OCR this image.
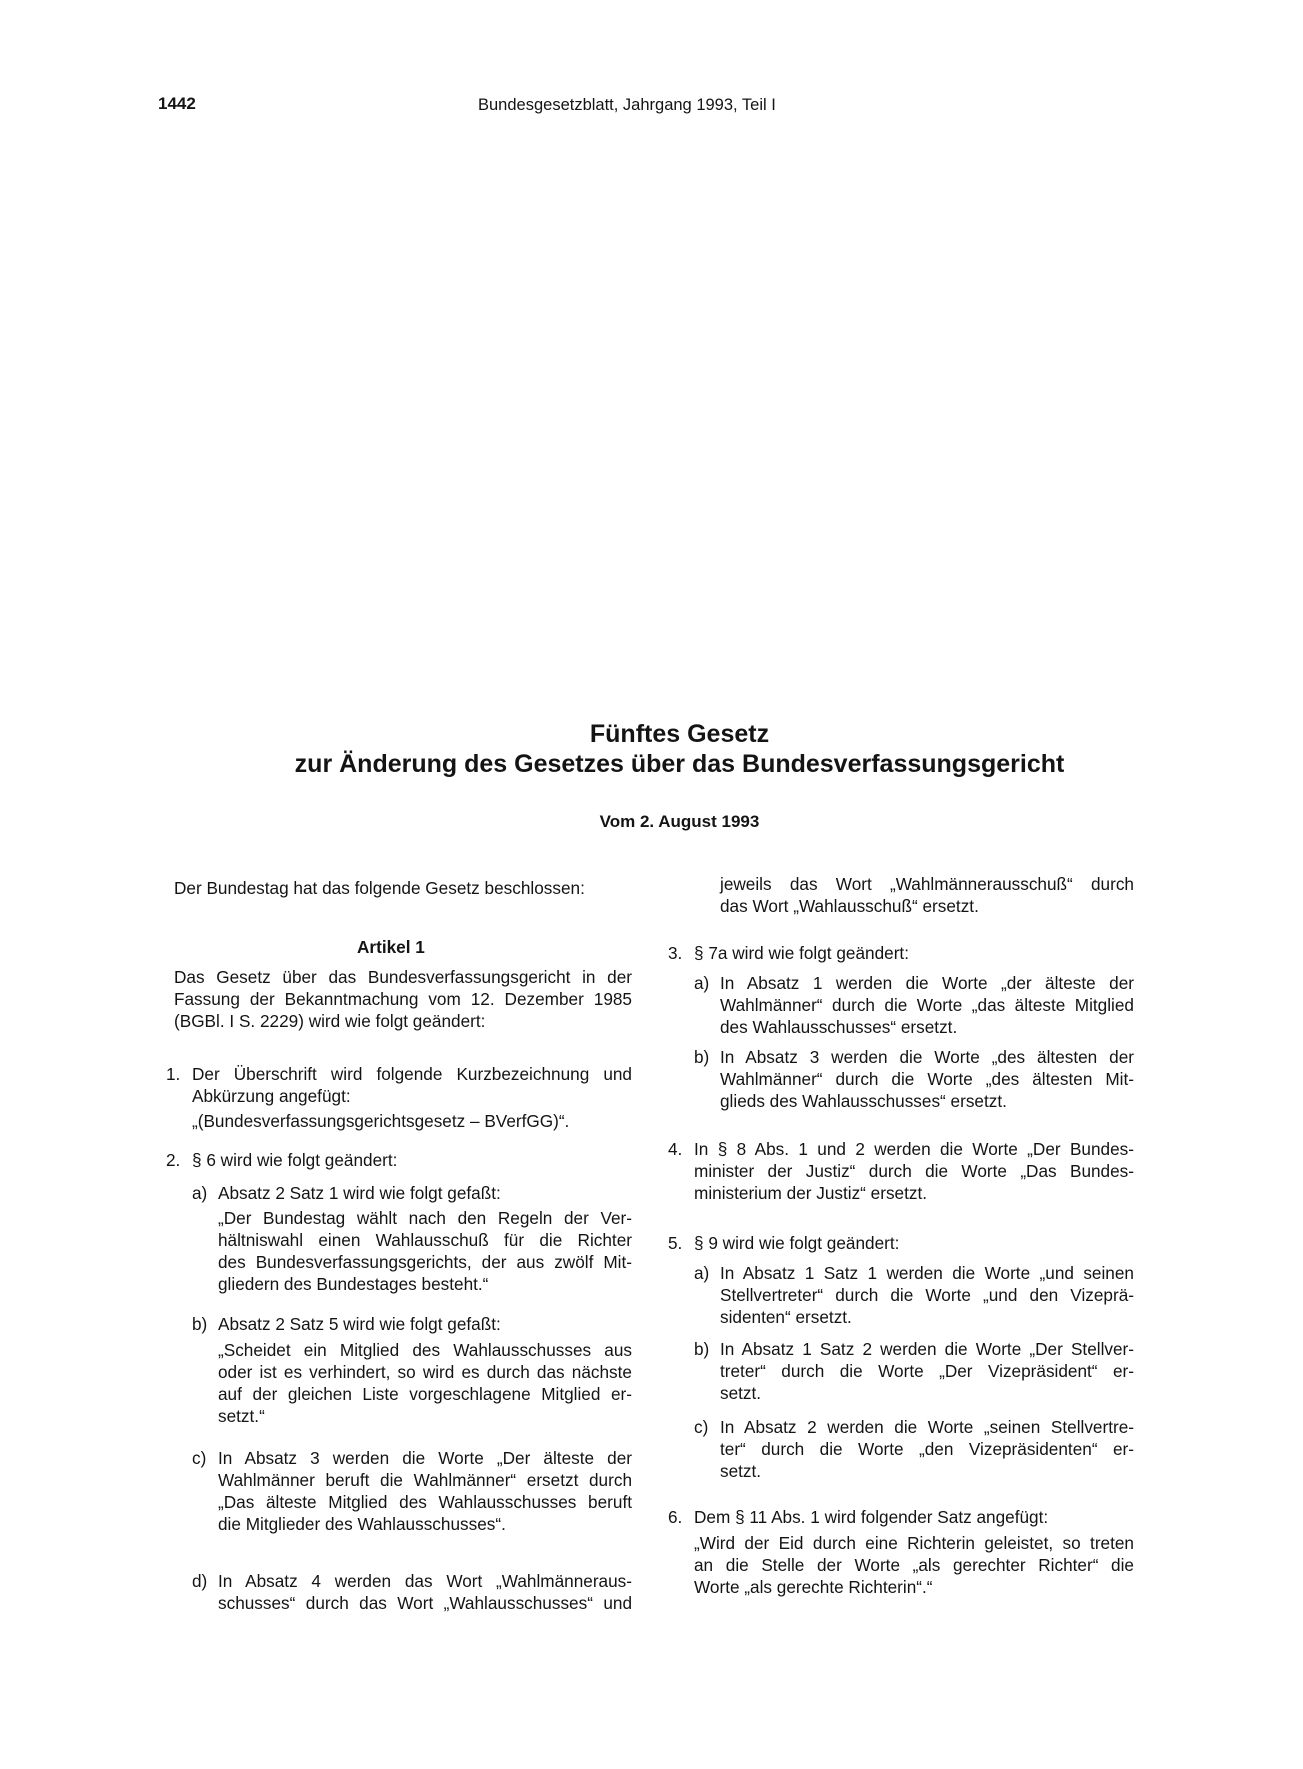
1442	Bundesgesetzblatt, Jahrgang 1993, Teil I
Fünftes Gesetz
zur Änderung des Gesetzes über das Bundesverfassungsgericht
Vom 2. August 1993
Der Bundestag hat das folgende Gesetz beschlossen:
Artikel 1
Das Gesetz über das Bundesverfassungsgericht in der
Fassung der Bekanntmachung vom 12. Dezember 1985
(BGBl. I S. 2229) wird wie folgt geändert:
1. Der Überschrift wird folgende Kurzbezeichnung und
Abkürzung angefügt:
„(Bundesverfassungsgerichtsgesetz – BVerfGG)“.
2. § 6 wird wie folgt geändert:
a) Absatz 2 Satz 1 wird wie folgt gefaßt:
„Der Bundestag wählt nach den Regeln der Ver-
hältniswahl einen Wahlausschuß für die Richter
des Bundesverfassungsgerichts, der aus zwölf Mit-
gliedern des Bundestages besteht.“
b) Absatz 2 Satz 5 wird wie folgt gefaßt:
„Scheidet ein Mitglied des Wahlausschusses aus
oder ist es verhindert, so wird es durch das nächste
auf der gleichen Liste vorgeschlagene Mitglied er-
setzt.“
c) In Absatz 3 werden die Worte „Der älteste der
Wahlmänner beruft die Wahlmänner“ ersetzt durch
„Das älteste Mitglied des Wahlausschusses beruft
die Mitglieder des Wahlausschusses“.
d) In Absatz 4 werden das Wort „Wahlmänneraus-
schusses“ durch das Wort „Wahlausschusses“ und
jeweils das Wort „Wahlmännerausschuß“ durch
das Wort „Wahlausschuß“ ersetzt.
3. § 7a wird wie folgt geändert:
a) In Absatz 1 werden die Worte „der älteste der
Wahlmänner“ durch die Worte „das älteste Mitglied
des Wahlausschusses“ ersetzt.
b) In Absatz 3 werden die Worte „des ältesten der
Wahlmänner“ durch die Worte „des ältesten Mit-
glieds des Wahlausschusses“ ersetzt.
4. In § 8 Abs. 1 und 2 werden die Worte „Der Bundes-
minister der Justiz“ durch die Worte „Das Bundes-
ministerium der Justiz“ ersetzt.
5. § 9 wird wie folgt geändert:
a) In Absatz 1 Satz 1 werden die Worte „und seinen
Stellvertreter“ durch die Worte „und den Vizeprä-
sidenten“ ersetzt.
b) In Absatz 1 Satz 2 werden die Worte „Der Stellver-
treter“ durch die Worte „Der Vizepräsident“ er-
setzt.
c) In Absatz 2 werden die Worte „seinen Stellvertre-
ter“ durch die Worte „den Vizepräsidenten“ er-
setzt.
6. Dem § 11 Abs. 1 wird folgender Satz angefügt:
„Wird der Eid durch eine Richterin geleistet, so treten
an die Stelle der Worte „als gerechter Richter“ die
Worte „als gerechte Richterin“.“
